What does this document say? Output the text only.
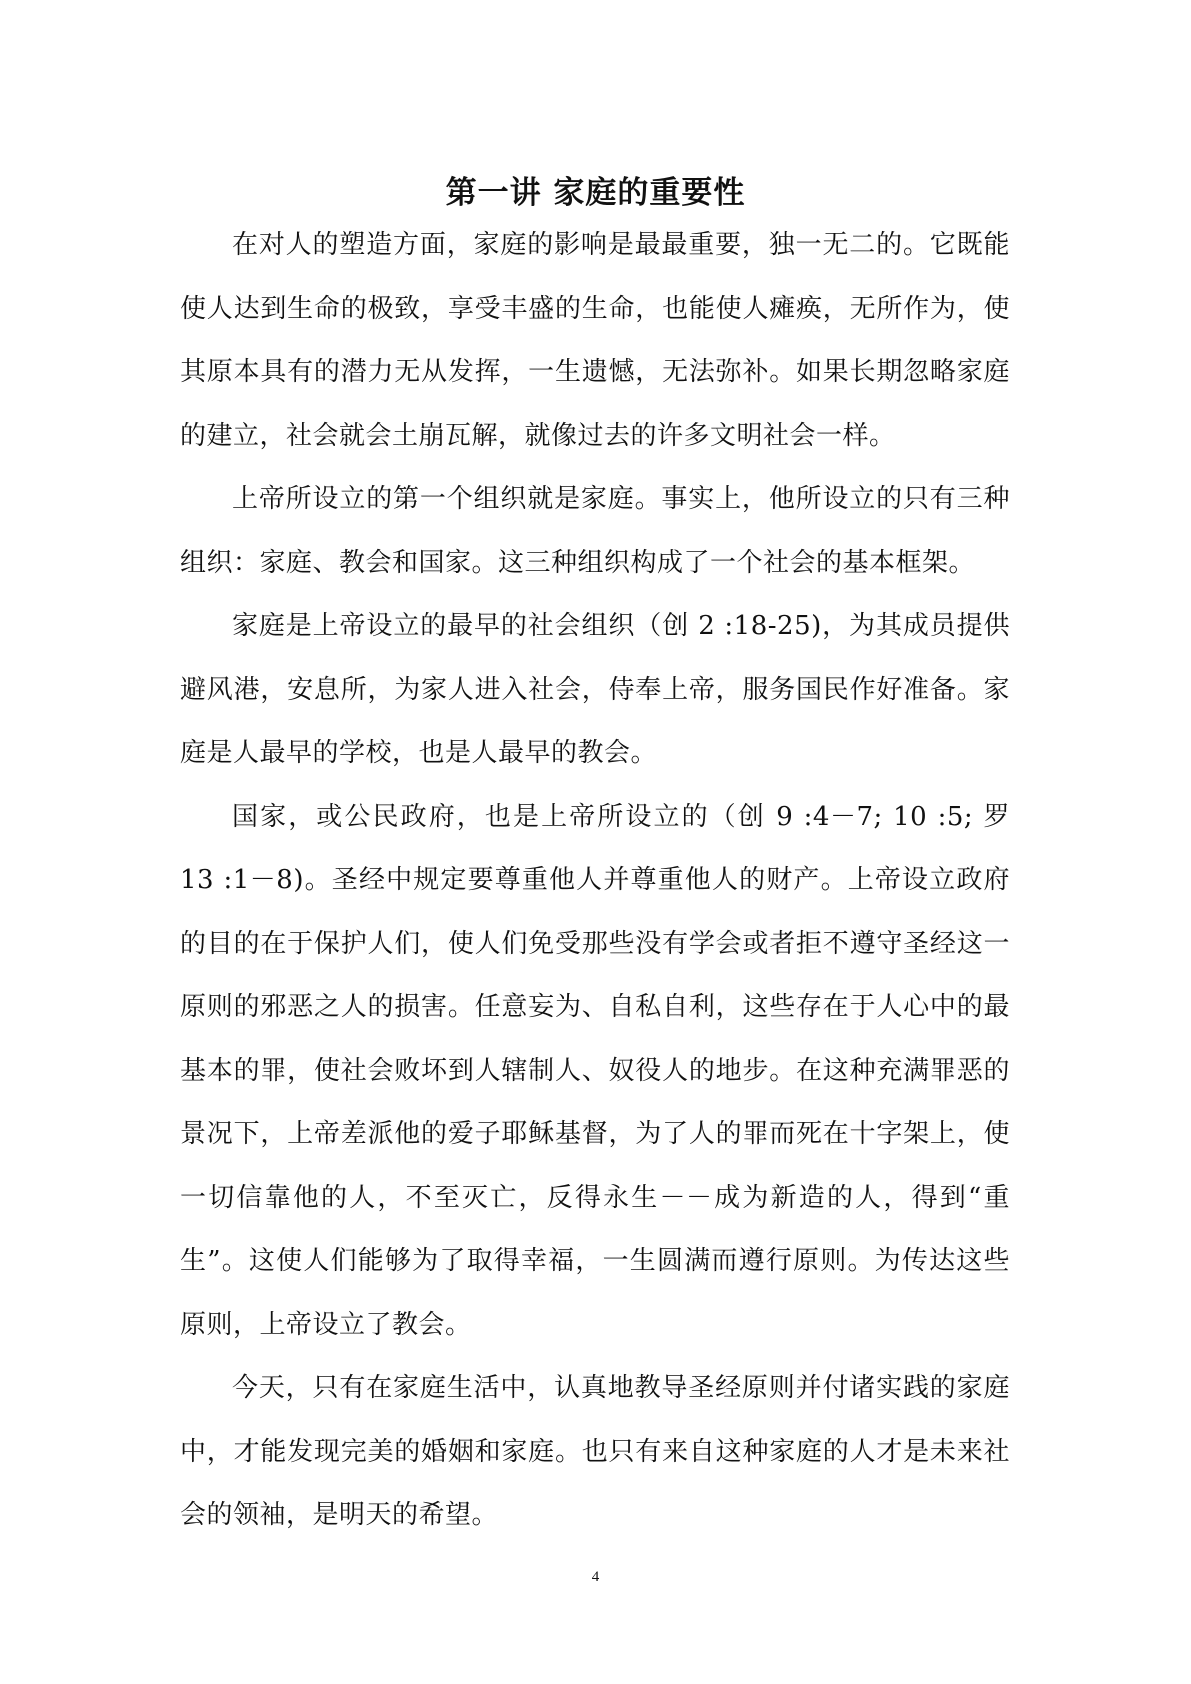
第一讲 家庭的重要性

在对人的塑造方面，家庭的影响是最最重要，独一无二的。它既能使人达到生命的极致，享受丰盛的生命，也能使人瘫痪，无所作为，使其原本具有的潜力无从发挥，一生遗憾，无法弥补。如果长期忽略家庭的建立，社会就会土崩瓦解，就像过去的许多文明社会一样。

上帝所设立的第一个组织就是家庭。事实上，他所设立的只有三种组织：家庭、教会和国家。这三种组织构成了一个社会的基本框架。

家庭是上帝设立的最早的社会组织（创 2 :18-25)，为其成员提供避风港，安息所，为家人进入社会，侍奉上帝，服务国民作好准备。家庭是人最早的学校，也是人最早的教会。

国家，或公民政府，也是上帝所设立的（创 9 :4－7; 10 :5; 罗 13 :1－8)。圣经中规定要尊重他人并尊重他人的财产。上帝设立政府的目的在于保护人们，使人们免受那些没有学会或者拒不遵守圣经这一原则的邪恶之人的损害。任意妄为、自私自利，这些存在于人心中的最基本的罪，使社会败坏到人辖制人、奴役人的地步。在这种充满罪恶的景况下，上帝差派他的爱子耶稣基督，为了人的罪而死在十字架上，使一切信靠他的人，不至灭亡，反得永生－－成为新造的人，得到“重生”。这使人们能够为了取得幸福，一生圆满而遵行原则。为传达这些原则，上帝设立了教会。

今天，只有在家庭生活中，认真地教导圣经原则并付诸实践的家庭中，才能发现完美的婚姻和家庭。也只有来自这种家庭的人才是未来社会的领袖，是明天的希望。

4
